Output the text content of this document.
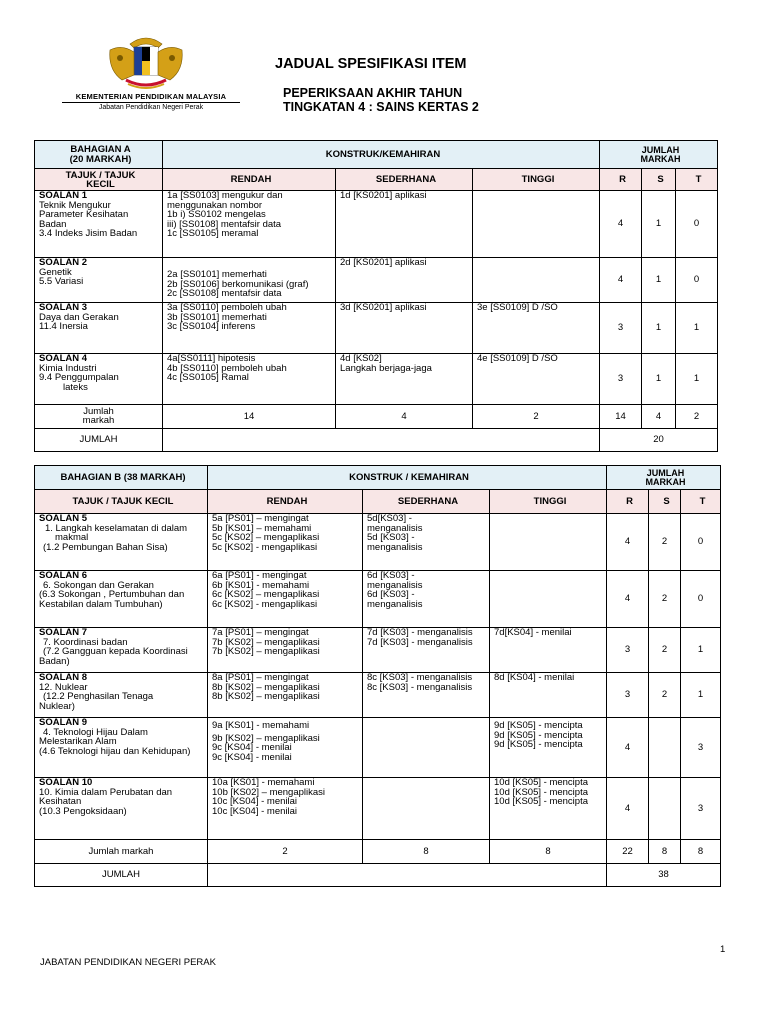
KEMENTERIAN PENDIDIKAN MALAYSIA
Jabatan Pendidikan Negeri Perak
JADUAL SPESIFIKASI ITEM
PEPERIKSAAN AKHIR TAHUN
TINGKATAN 4 : SAINS KERTAS 2
BAHAGIAN A
(20 MARKAH)	KONSTRUK/KEMAHIRAN			JUMLAH
MARKAH		

TAJUK / TAJUK
KECIL	RENDAH	SEDERHANA	TINGGI	R	S	T

SOALAN 1
Teknik Mengukur
Parameter Kesihatan
Badan
3.4 Indeks Jisim Badan	1a [SS0103] mengukur dan
menggunakan nombor
1b i) SS0102 mengelas
iii) [SS0108] mentafsir data
1c [SS0105] meramal	1d [KS0201] aplikasi		4	1	0

SOALAN 2
Genetik
5.5 Variasi	2a [SS0101] memerhati
2b [SS0106] berkomunikasi (graf)
2c [SS0108] mentafsir data	2d [KS0201] aplikasi		4	1	0

SOALAN 3
Daya dan Gerakan
11.4 Inersia	3a [SS0110] pemboleh ubah
3b [SS0101] memerhati
3c [SS0104] inferens	3d [KS0201] aplikasi	3e [SS0109] D /SO	3	1	1

SOALAN 4
Kimia Industri
9.4 Penggumpalan
lateks	4a[SS0111] hipotesis
4b [SS0110] pemboleh ubah
4c [SS0105] Ramal	4d [KS02]
Langkah berjaga-jaga	4e [SS0109] D /SO	3	1	1

Jumlah
markah	14	4	2	14	4	2
JUMLAH				20		
BAHAGIAN B (38 MARKAH)	KONSTRUK / KEMAHIRAN			JUMLAH
MARKAH		

TAJUK / TAJUK KECIL	RENDAH	SEDERHANA	TINGGI	R	S	T

SOALAN 5
1. Langkah keselamatan di dalam
makmal
(1.2 Pembungan Bahan Sisa)	5a [PS01] – mengingat
5b [KS01] – memahami
5c [KS02] – mengaplikasi
5c [KS02] - mengaplikasi	5d[KS03] -
menganalisis
5d [KS03] -
menganalisis		4	2	0

SOALAN 6
6. Sokongan dan Gerakan
(6.3 Sokongan , Pertumbuhan dan
Kestabilan dalam Tumbuhan)	6a [PS01] - mengingat
6b [KS01] - memahami
6c [KS02] – mengaplikasi
6c [KS02] - mengaplikasi	6d [KS03] -
menganalisis
6d [KS03] -
menganalisis		4	2	0

SOALAN 7
7. Koordinasi badan
(7.2 Gangguan kepada Koordinasi
Badan)	7a [PS01] – mengingat
7b [KS02] – mengaplikasi
7b [KS02] – mengaplikasi	7d [KS03] - menganalisis
7d [KS03] - menganalisis	7d[KS04] - menilai	3	2	1

SOALAN 8
12. Nuklear
(12.2 Penghasilan Tenaga
Nuklear)	8a [PS01] – mengingat
8b [KS02] – mengaplikasi
8b [KS02] – mengaplikasi	8c [KS03] - menganalisis
8c [KS03] - menganalisis	8d [KS04] - menilai	3	2	1

SOALAN 9
4. Teknologi Hijau Dalam
Melestarikan Alam
(4.6 Teknologi hijau dan Kehidupan)	9a [KS01] - memahami
9b [KS02] – mengaplikasi
9c [KS04] - menilai
9c [KS04] - menilai		9d [KS05] - mencipta
9d [KS05] - mencipta
9d [KS05] - mencipta	4		3

SOALAN 10
10. Kimia dalam Perubatan dan
Kesihatan
(10.3 Pengoksidaan)	10a [KS01] - memahami
10b [KS02] – mengaplikasi
10c [KS04] - menilai
10c [KS04] - menilai		10d [KS05] - mencipta
10d [KS05] - mencipta
10d [KS05] - mencipta	4		3
Jumlah markah	2	8	8	22	8	8
JUMLAH				38		
1
JABATAN PENDIDIKAN NEGERI PERAK
